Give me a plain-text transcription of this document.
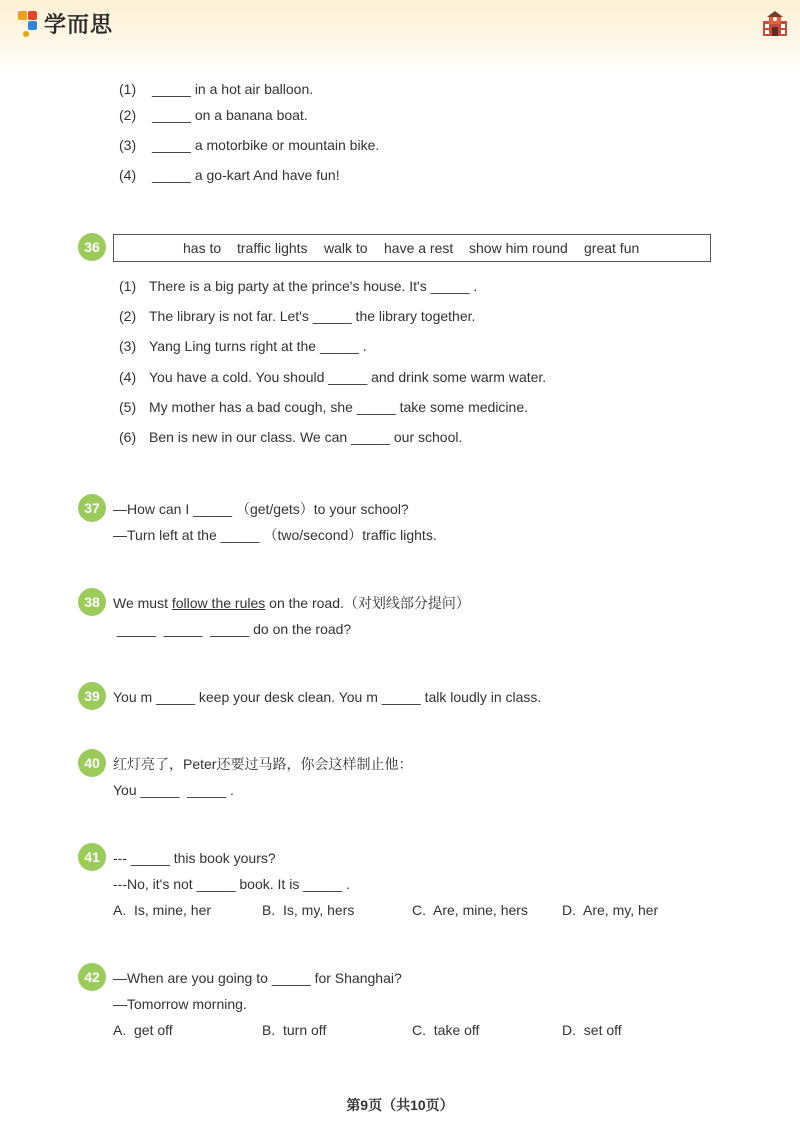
学而思
(1) _____ in a hot air balloon.
(2) _____ on a banana boat.
(3) _____ a motorbike or mountain bike.
(4) _____ a go-kart And have fun!
36	has to traffic lights walk to have a rest show him round great fun
(1) There is a big party at the prince's house. It's _____ .
(2) The library is not far. Let's _____ the library together.
(3) Yang Ling turns right at the _____ .
(4) You have a cold. You should _____ and drink some warm water.
(5) My mother has a bad cough, she _____ take some medicine.
(6) Ben is new in our class. We can _____ our school.
37 —How can I _____ （get/gets）to your school?
—Turn left at the _____ （two/second）traffic lights.
38 We must follow the rules on the road.（对划线部分提问）
_____  _____  _____ do on the road?
39 You m _____ keep your desk clean. You m _____ talk loudly in class.
40 红灯亮了，Peter还要过马路，你会这样制止他：
You _____  _____ .
41 --- _____ this book yours?
---No, it's not _____ book. It is _____ .
A.  Is, mine, her	B.  Is, my, hers	C.  Are, mine, hers D.  Are, my, her
42 —When are you going to _____ for Shanghai?
—Tomorrow morning.
A.  get off	B.  turn off	C.  take off	D.  set off
第9页（共10页）
